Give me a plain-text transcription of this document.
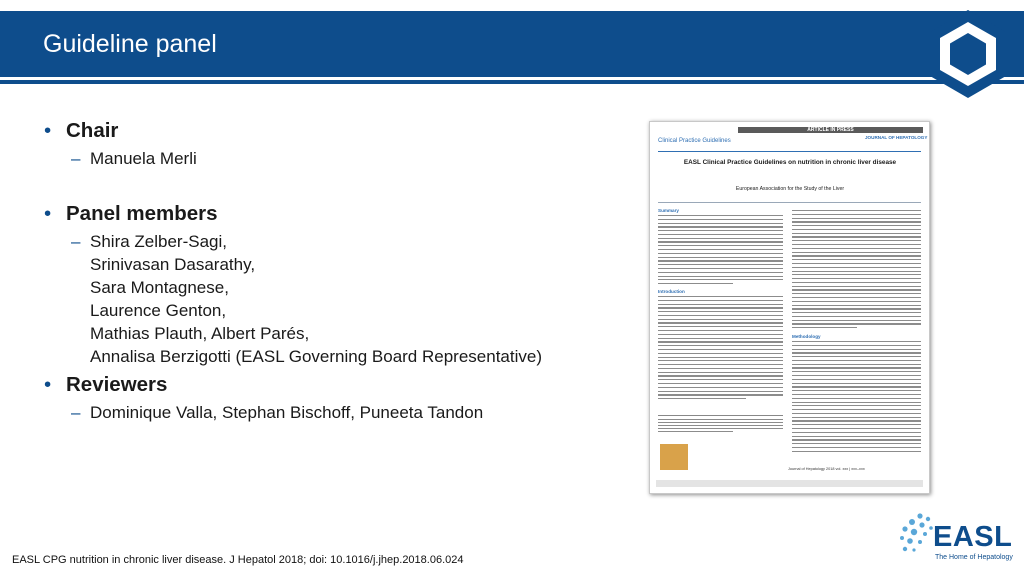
Guideline panel
• Chair
– Manuela Merli
• Panel members
– Shira Zelber-Sagi,
Srinivasan Dasarathy,
Sara Montagnese,
Laurence Genton,
Mathias Plauth, Albert Parés,
Annalisa Berzigotti (EASL Governing Board Representative)
• Reviewers
– Dominique Valla, Stephan Bischoff, Puneeta Tandon
ARTICLE IN PRESS
Clinical Practice Guidelines
JOURNAL OF HEPATOLOGY
EASL Clinical Practice Guidelines on nutrition in chronic liver disease
European Association for the Study of the Liver
Summary
Introduction
Methodology
Journal of Hepatology 2018 vol. xxx | xxx–xxx
EASL
The Home of Hepatology
EASL CPG nutrition in chronic liver disease. J Hepatol 2018; doi: 10.1016/j.jhep.2018.06.024
